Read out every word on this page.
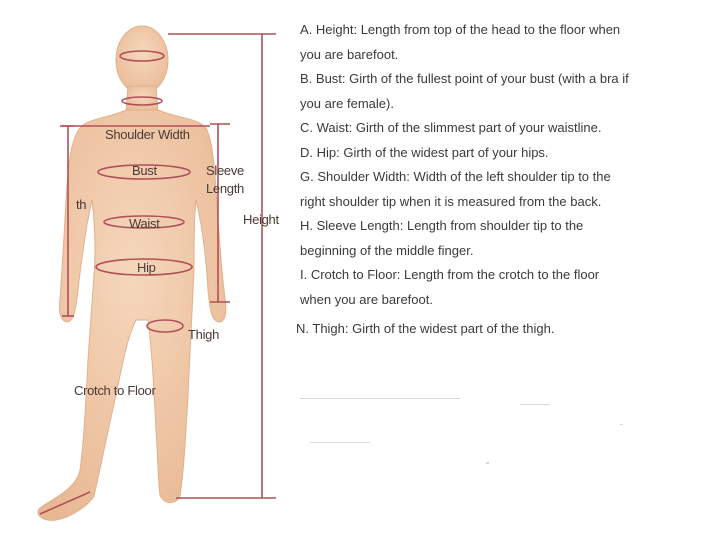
Shoulder Width
Bust	Sleeve
Length
th
Waist	Height
Hip
Thigh
Crotch to Floor
A. Height: Length from top of the head to the floor when you are barefoot.
B. Bust: Girth of the fullest point of your bust (with a bra if you are female).
C. Waist: Girth of the slimmest part of your waistline.
D. Hip: Girth of the widest part of your hips.
G. Shoulder Width: Width of the left shoulder tip to the right shoulder tip when it is measured from the back.
H. Sleeve Length: Length from shoulder tip to the beginning of the middle finger.
I. Crotch to Floor: Length from the crotch to the floor when you are barefoot.
N. Thigh: Girth of the widest part of the thigh.
